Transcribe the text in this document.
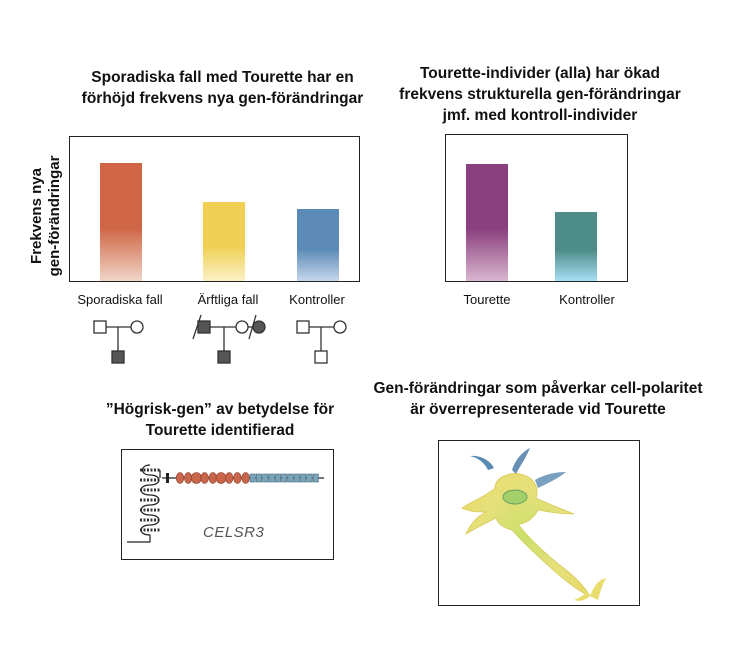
Sporadiska fall med Tourette har en
förhöjd frekvens nya gen-förändringar
Tourette-individer (alla) har ökad
frekvens strukturella gen-förändringar
jmf. med kontroll-individer
”Högrisk-gen” av betydelse för
Tourette identifierad
Gen-förändringar som påverkar cell-polaritet
är överrepresenterade vid Tourette
Frekvens nya
gen-förändringar
Sporadiska fall	Ärftliga fall	Kontroller	Tourette	Kontroller
CELSR3
